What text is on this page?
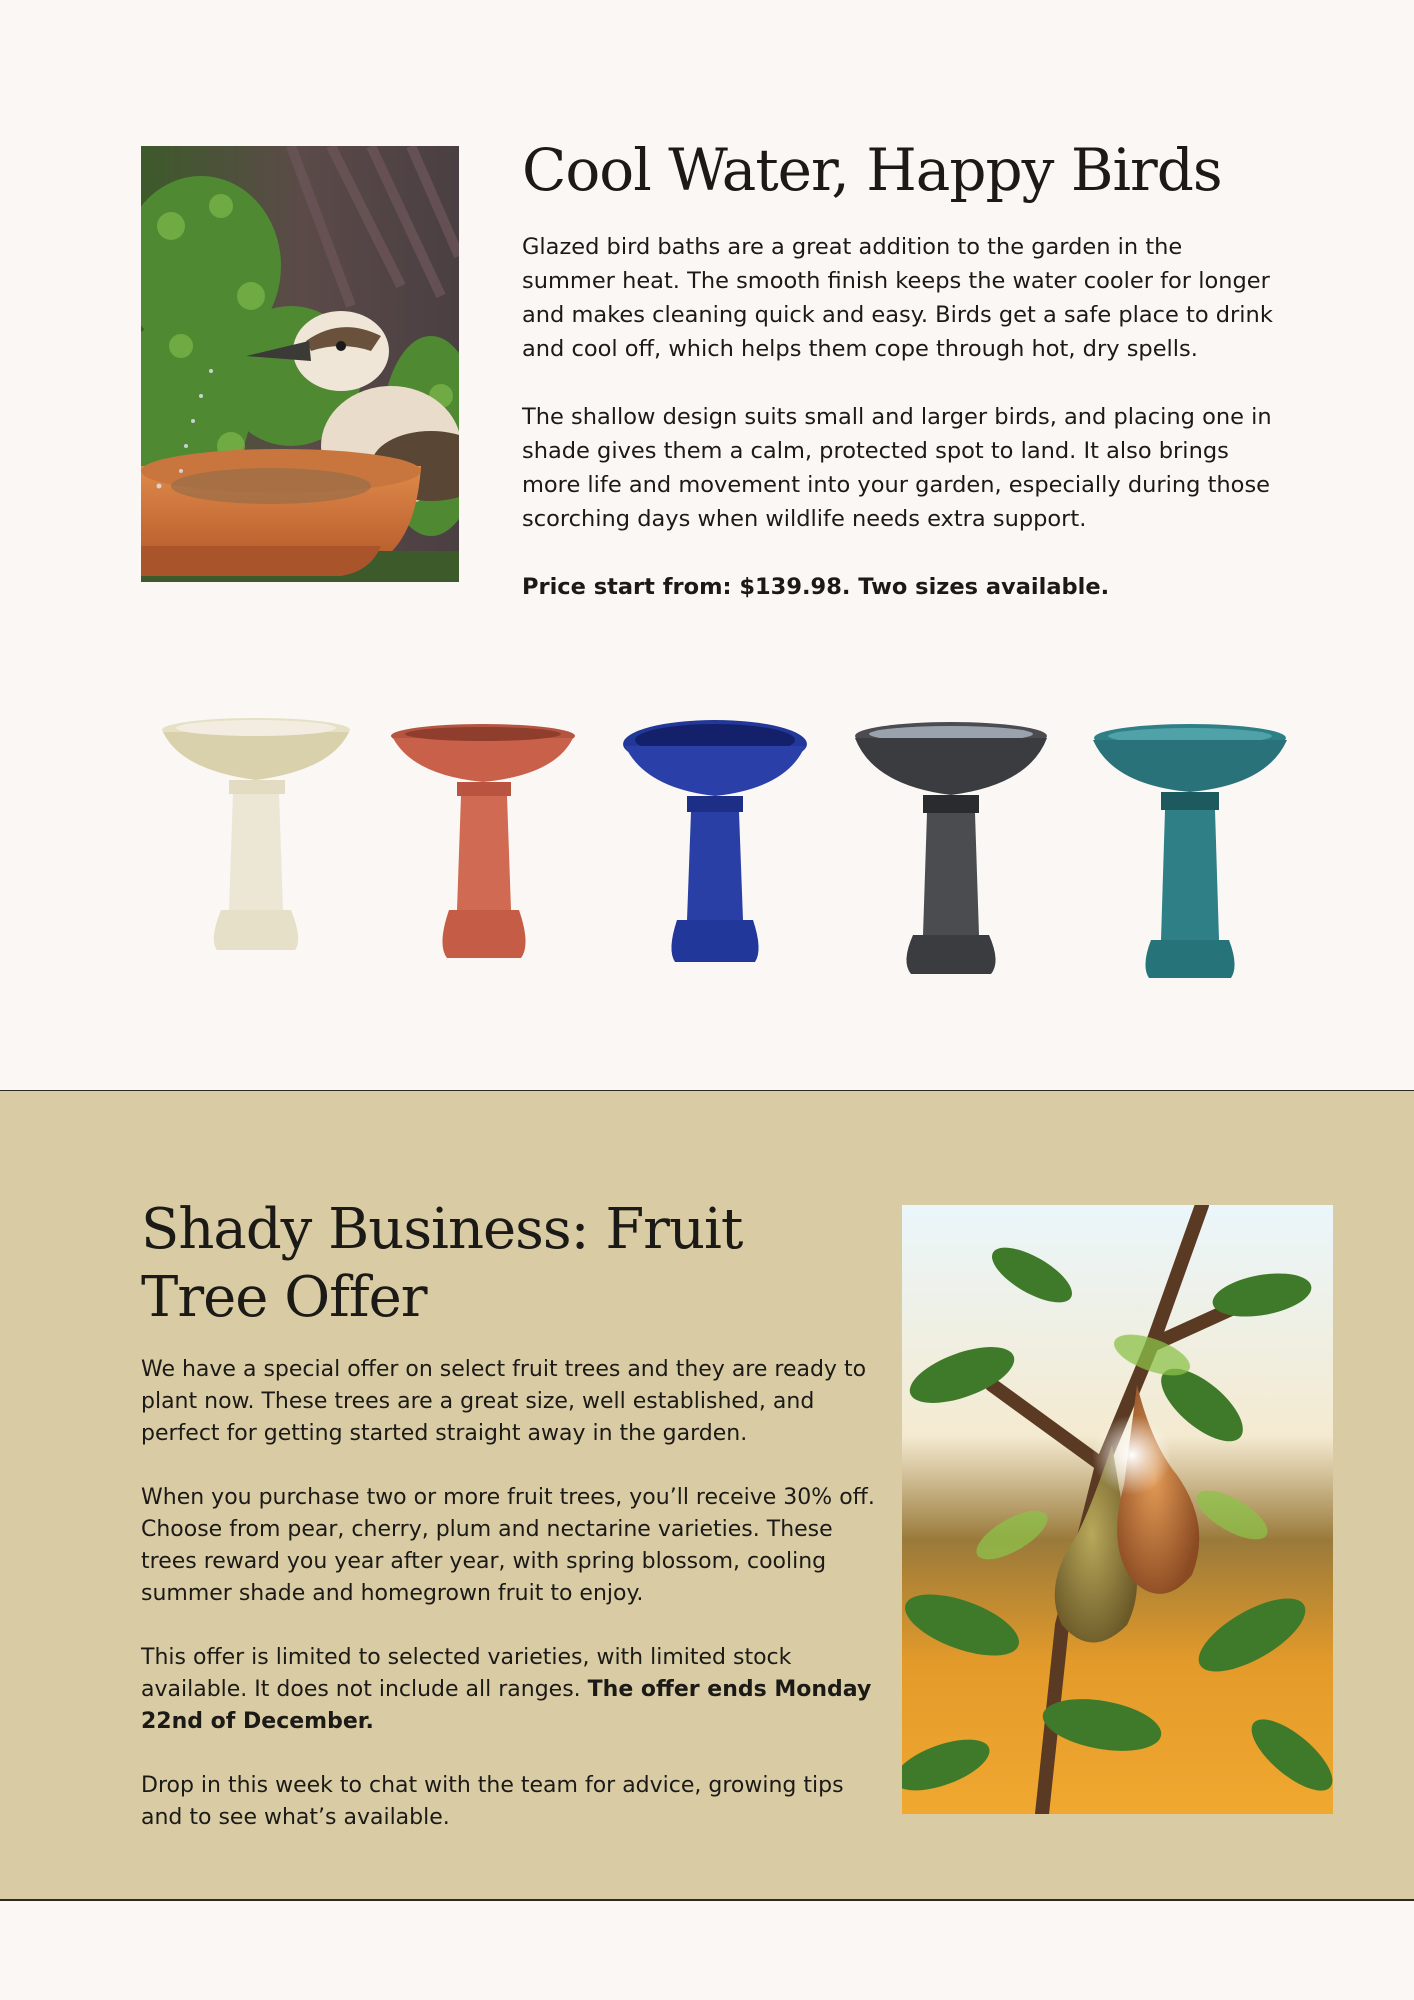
Cool Water, Happy Birds

Glazed bird baths are a great addition to the garden in the summer heat. The smooth finish keeps the water cooler for longer and makes cleaning quick and easy. Birds get a safe place to drink and cool off, which helps them cope through hot, dry spells.

The shallow design suits small and larger birds, and placing one in shade gives them a calm, protected spot to land. It also brings more life and movement into your garden, especially during those scorching days when wildlife needs extra support.

Price start from: $139.98. Two sizes available.

Shady Business: Fruit Tree Offer

We have a special offer on select fruit trees and they are ready to plant now. These trees are a great size, well established, and perfect for getting started straight away in the garden.

When you purchase two or more fruit trees, you’ll receive 30% off. Choose from pear, cherry, plum and nectarine varieties. These trees reward you year after year, with spring blossom, cooling summer shade and homegrown fruit to enjoy.

This offer is limited to selected varieties, with limited stock available. It does not include all ranges. The offer ends Monday 22nd of December.

Drop in this week to chat with the team for advice, growing tips and to see what’s available.
